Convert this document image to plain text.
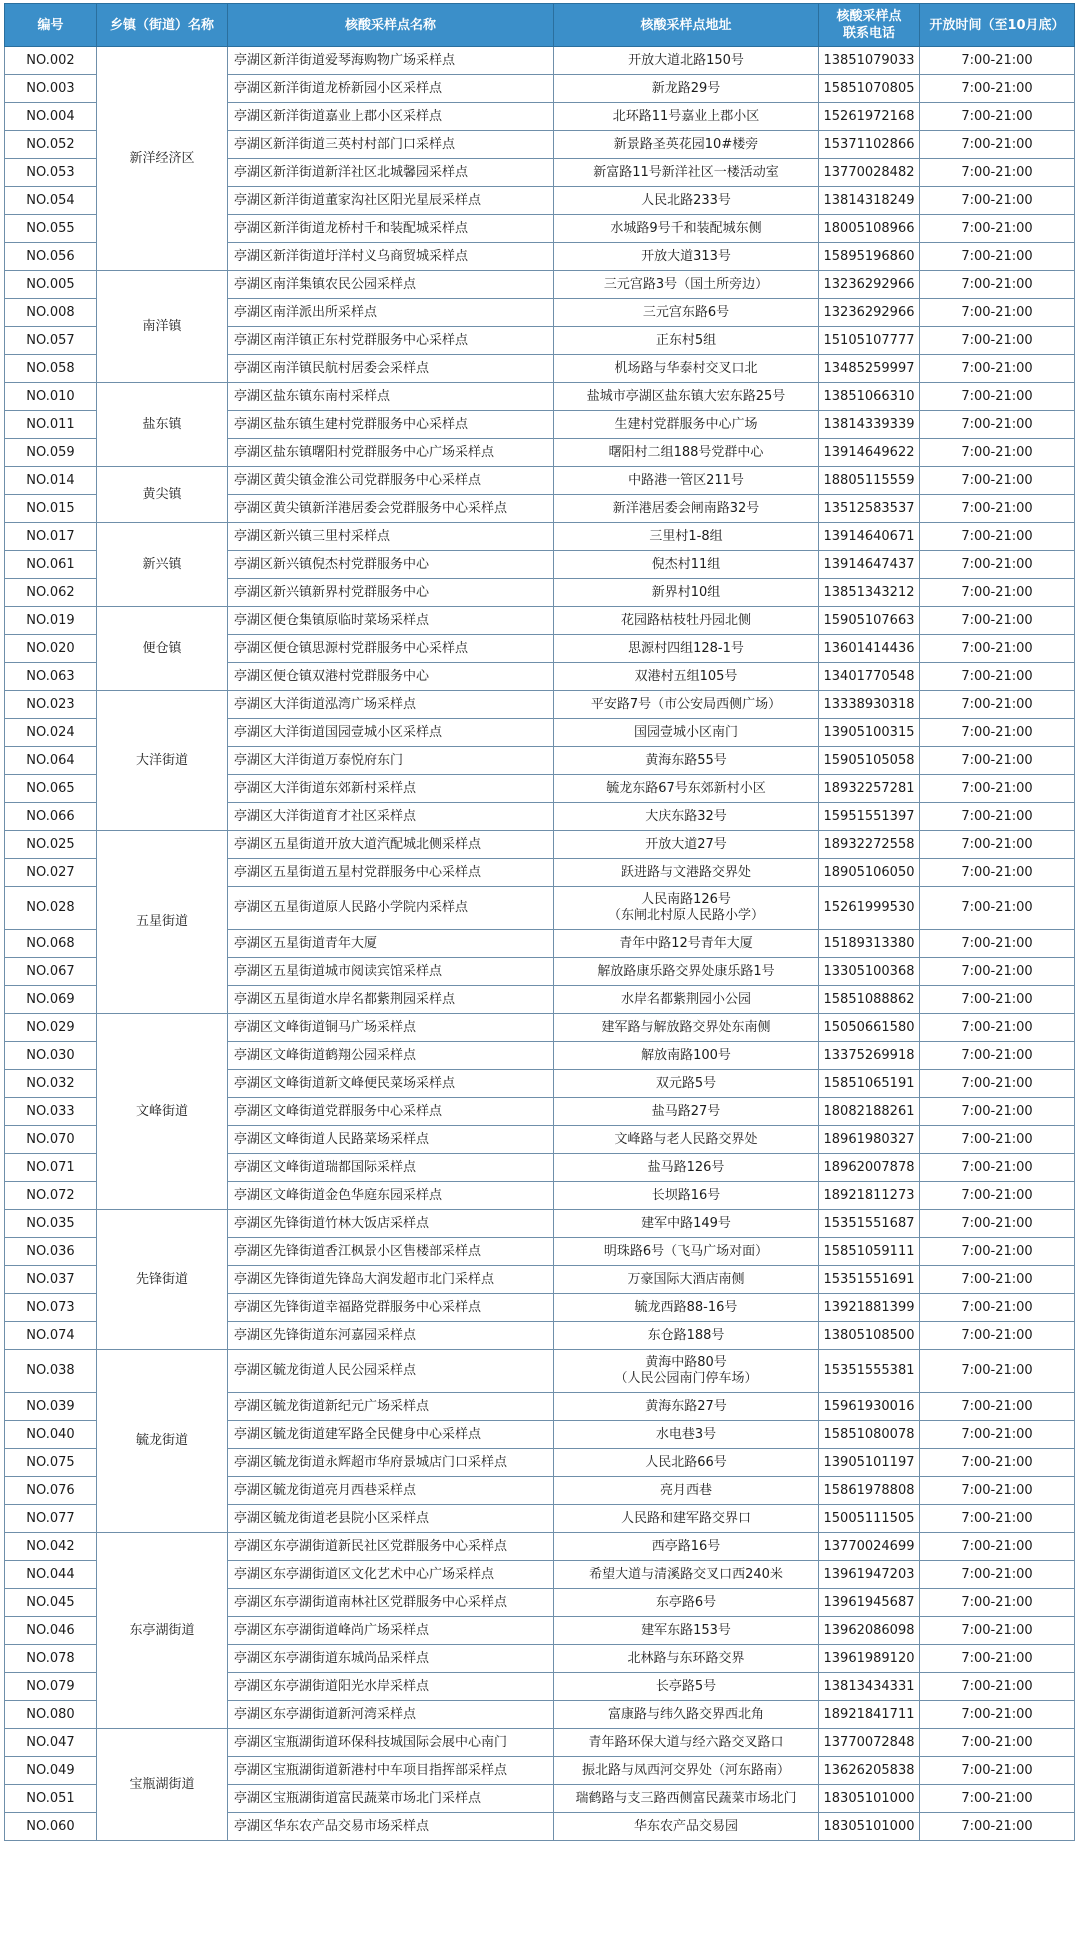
编号	乡镇（街道）名称	核酸采样点名称	核酸采样点地址	核酸采样点
联系电话	开放时间（至10月底）
NO.002	新洋经济区	亭湖区新洋街道爱琴海购物广场采样点	开放大道北路150号	13851079033	7:00-21:00
NO.003		亭湖区新洋街道龙桥新园小区采样点	新龙路29号	15851070805	7:00-21:00
NO.004		亭湖区新洋街道嘉业上郡小区采样点	北环路11号嘉业上郡小区	15261972168	7:00-21:00
NO.052		亭湖区新洋街道三英村村部门口采样点	新景路圣英花园10#楼旁	15371102866	7:00-21:00
NO.053		亭湖区新洋街道新洋社区北城馨园采样点	新富路11号新洋社区一楼活动室	13770028482	7:00-21:00
NO.054		亭湖区新洋街道董家沟社区阳光星辰采样点	人民北路233号	13814318249	7:00-21:00
NO.055		亭湖区新洋街道龙桥村千和装配城采样点	水城路9号千和装配城东侧	18005108966	7:00-21:00
NO.056		亭湖区新洋街道圩洋村义乌商贸城采样点	开放大道313号	15895196860	7:00-21:00
NO.005	南洋镇	亭湖区南洋集镇农民公园采样点	三元宫路3号（国土所旁边）	13236292966	7:00-21:00
NO.008		亭湖区南洋派出所采样点	三元宫东路6号	13236292966	7:00-21:00
NO.057		亭湖区南洋镇正东村党群服务中心采样点	正东村5组	15105107777	7:00-21:00
NO.058		亭湖区南洋镇民航村居委会采样点	机场路与华泰村交叉口北	13485259997	7:00-21:00
NO.010	盐东镇	亭湖区盐东镇东南村采样点	盐城市亭湖区盐东镇大宏东路25号	13851066310	7:00-21:00
NO.011		亭湖区盐东镇生建村党群服务中心采样点	生建村党群服务中心广场	13814339339	7:00-21:00
NO.059		亭湖区盐东镇曙阳村党群服务中心广场采样点	曙阳村二组188号党群中心	13914649622	7:00-21:00
NO.014	黄尖镇	亭湖区黄尖镇金淮公司党群服务中心采样点	中路港一管区211号	18805115559	7:00-21:00
NO.015		亭湖区黄尖镇新洋港居委会党群服务中心采样点	新洋港居委会闸南路32号	13512583537	7:00-21:00
NO.017	新兴镇	亭湖区新兴镇三里村采样点	三里村1-8组	13914640671	7:00-21:00
NO.061		亭湖区新兴镇倪杰村党群服务中心	倪杰村11组	13914647437	7:00-21:00
NO.062		亭湖区新兴镇新界村党群服务中心	新界村10组	13851343212	7:00-21:00
NO.019	便仓镇	亭湖区便仓集镇原临时菜场采样点	花园路枯枝牡丹园北侧	15905107663	7:00-21:00
NO.020		亭湖区便仓镇思源村党群服务中心采样点	思源村四组128-1号	13601414436	7:00-21:00
NO.063		亭湖区便仓镇双港村党群服务中心	双港村五组105号	13401770548	7:00-21:00
NO.023	大洋街道	亭湖区大洋街道泓湾广场采样点	平安路7号（市公安局西侧广场）	13338930318	7:00-21:00
NO.024		亭湖区大洋街道国园壹城小区采样点	国园壹城小区南门	13905100315	7:00-21:00
NO.064		亭湖区大洋街道万泰悦府东门	黄海东路55号	15905105058	7:00-21:00
NO.065		亭湖区大洋街道东郊新村采样点	毓龙东路67号东郊新村小区	18932257281	7:00-21:00
NO.066		亭湖区大洋街道育才社区采样点	大庆东路32号	15951551397	7:00-21:00
NO.025	五星街道	亭湖区五星街道开放大道汽配城北侧采样点	开放大道27号	18932272558	7:00-21:00
NO.027		亭湖区五星街道五星村党群服务中心采样点	跃进路与文港路交界处	18905106050	7:00-21:00
NO.028		亭湖区五星街道原人民路小学院内采样点	人民南路126号
（东闸北村原人民路小学）	15261999530	7:00-21:00
NO.068		亭湖区五星街道青年大厦	青年中路12号青年大厦	15189313380	7:00-21:00
NO.067		亭湖区五星街道城市阅读宾馆采样点	解放路康乐路交界处康乐路1号	13305100368	7:00-21:00
NO.069		亭湖区五星街道水岸名都紫荆园采样点	水岸名都紫荆园小公园	15851088862	7:00-21:00
NO.029	文峰街道	亭湖区文峰街道铜马广场采样点	建军路与解放路交界处东南侧	15050661580	7:00-21:00
NO.030		亭湖区文峰街道鹤翔公园采样点	解放南路100号	13375269918	7:00-21:00
NO.032		亭湖区文峰街道新文峰便民菜场采样点	双元路5号	15851065191	7:00-21:00
NO.033		亭湖区文峰街道党群服务中心采样点	盐马路27号	18082188261	7:00-21:00
NO.070		亭湖区文峰街道人民路菜场采样点	文峰路与老人民路交界处	18961980327	7:00-21:00
NO.071		亭湖区文峰街道瑞都国际采样点	盐马路126号	18962007878	7:00-21:00
NO.072		亭湖区文峰街道金色华庭东园采样点	长坝路16号	18921811273	7:00-21:00
NO.035	先锋街道	亭湖区先锋街道竹林大饭店采样点	建军中路149号	15351551687	7:00-21:00
NO.036		亭湖区先锋街道香江枫景小区售楼部采样点	明珠路6号（飞马广场对面）	15851059111	7:00-21:00
NO.037		亭湖区先锋街道先锋岛大润发超市北门采样点	万豪国际大酒店南侧	15351551691	7:00-21:00
NO.073		亭湖区先锋街道幸福路党群服务中心采样点	毓龙西路88-16号	13921881399	7:00-21:00
NO.074		亭湖区先锋街道东河嘉园采样点	东仓路188号	13805108500	7:00-21:00
NO.038	毓龙街道	亭湖区毓龙街道人民公园采样点	黄海中路80号
（人民公园南门停车场）	15351555381	7:00-21:00
NO.039		亭湖区毓龙街道新纪元广场采样点	黄海东路27号	15961930016	7:00-21:00
NO.040		亭湖区毓龙街道建军路全民健身中心采样点	水电巷3号	15851080078	7:00-21:00
NO.075		亭湖区毓龙街道永辉超市华府景城店门口采样点	人民北路66号	13905101197	7:00-21:00
NO.076		亭湖区毓龙街道亮月西巷采样点	亮月西巷	15861978808	7:00-21:00
NO.077		亭湖区毓龙街道老县院小区采样点	人民路和建军路交界口	15005111505	7:00-21:00
NO.042	东亭湖街道	亭湖区东亭湖街道新民社区党群服务中心采样点	西亭路16号	13770024699	7:00-21:00
NO.044		亭湖区东亭湖街道区文化艺术中心广场采样点	希望大道与清溪路交叉口西240米	13961947203	7:00-21:00
NO.045		亭湖区东亭湖街道南林社区党群服务中心采样点	东亭路6号	13961945687	7:00-21:00
NO.046		亭湖区东亭湖街道峰尚广场采样点	建军东路153号	13962086098	7:00-21:00
NO.078		亭湖区东亭湖街道东城尚品采样点	北林路与东环路交界	13961989120	7:00-21:00
NO.079		亭湖区东亭湖街道阳光水岸采样点	长亭路5号	13813434331	7:00-21:00
NO.080		亭湖区东亭湖街道新河湾采样点	富康路与纬久路交界西北角	18921841711	7:00-21:00
NO.047	宝瓶湖街道	亭湖区宝瓶湖街道环保科技城国际会展中心南门	青年路环保大道与经六路交叉路口	13770072848	7:00-21:00
NO.049		亭湖区宝瓶湖街道新港村中车项目指挥部采样点	振北路与凤西河交界处（河东路南）	13626205838	7:00-21:00
NO.051		亭湖区宝瓶湖街道富民蔬菜市场北门采样点	瑞鹤路与支三路西侧富民蔬菜市场北门	18305101000	7:00-21:00
NO.060		亭湖区华东农产品交易市场采样点	华东农产品交易园	18305101000	7:00-21:00
